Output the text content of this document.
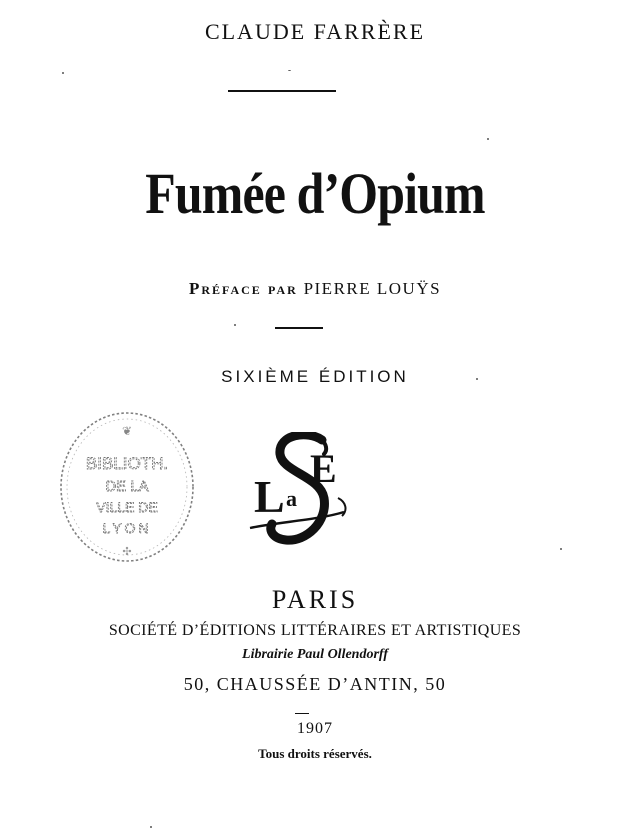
CLAUDE FARRÈRE
Fumée d’Opium
Préface par PIERRE LOUŸS
SIXIÈME ÉDITION
❦
BIBLIOTH.
DE LA
VILLE DE
LYON
✣
L
E
a
PARIS
SOCIÉTÉ D’ÉDITIONS LITTÉRAIRES ET ARTISTIQUES
Librairie Paul Ollendorff
50, CHAUSSÉE D’ANTIN, 50
1907
Tous droits réservés.
